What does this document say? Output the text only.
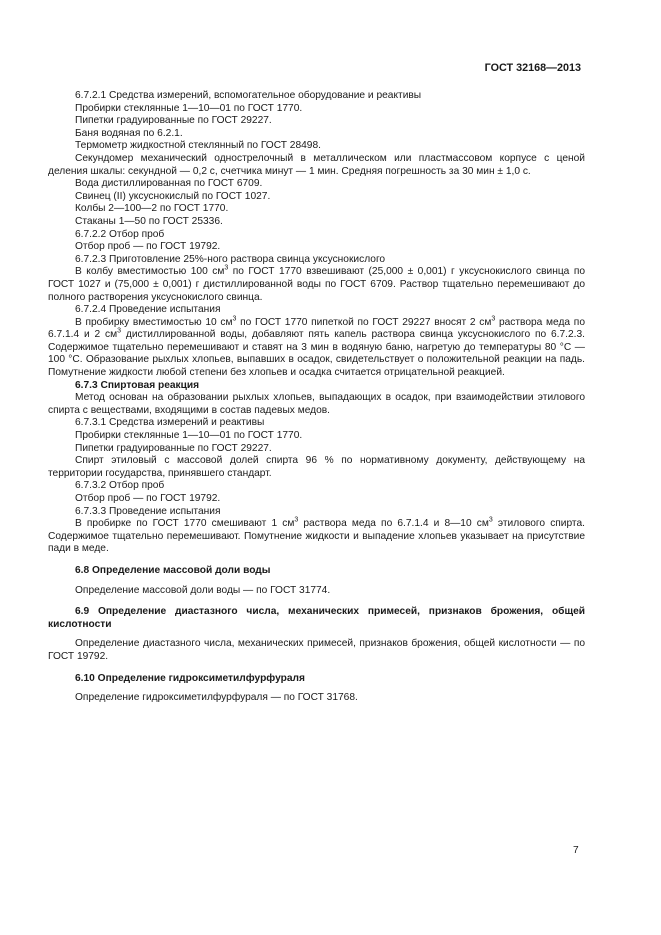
ГОСТ 32168—2013

6.7.2.1 Средства измерений, вспомогательное оборудование и реактивы

Пробирки стеклянные 1—10—01 по ГОСТ 1770.

Пипетки градуированные по ГОСТ 29227.

Баня водяная по 6.2.1.

Термометр жидкостной стеклянный по ГОСТ 28498.

Секундомер механический однострелочный в металлическом или пластмассовом корпусе с ценой деления шкалы: секундной — 0,2 с, счетчика минут — 1 мин. Средняя погрешность за 30 мин ± 1,0 с.

Вода дистиллированная по ГОСТ 6709.

Свинец (II) уксуснокислый по ГОСТ 1027.

Колбы 2—100—2 по ГОСТ 1770.

Стаканы 1—50 по ГОСТ 25336.

6.7.2.2 Отбор проб

Отбор проб — по ГОСТ 19792.

6.7.2.3 Приготовление 25%-ного раствора свинца уксуснокислого

В колбу вместимостью 100 $см^3$ по ГОСТ 1770 взвешивают (25,000 ± 0,001) г уксуснокислого свинца по ГОСТ 1027 и (75,000 ± 0,001) г дистиллированной воды по ГОСТ 6709. Раствор тщательно перемешивают до полного растворения уксуснокислого свинца.

6.7.2.4 Проведение испытания

В пробирку вместимостью 10 $см^3$ по ГОСТ 1770 пипеткой по ГОСТ 29227 вносят 2 $см^3$ раствора меда по 6.7.1.4 и 2 $см^3$ дистиллированной воды, добавляют пять капель раствора свинца уксуснокислого по 6.7.2.3. Содержимое тщательно перемешивают и ставят на 3 мин в водяную баню, нагретую до температуры 80 °C — 100 °C. Образование рыхлых хлопьев, выпавших в осадок, свидетельствует о положительной реакции на падь. Помутнение жидкости любой степени без хлопьев и осадка считается отрицательной реакцией.

6.7.3 Спиртовая реакция

Метод основан на образовании рыхлых хлопьев, выпадающих в осадок, при взаимодействии этилового спирта с веществами, входящими в состав падевых медов.

6.7.3.1 Средства измерений и реактивы

Пробирки стеклянные 1—10—01 по ГОСТ 1770.

Пипетки градуированные по ГОСТ 29227.

Спирт этиловый с массовой долей спирта 96 % по нормативному документу, действующему на территории государства, принявшего стандарт.

6.7.3.2 Отбор проб

Отбор проб — по ГОСТ 19792.

6.7.3.3 Проведение испытания

В пробирке по ГОСТ 1770 смешивают 1 $см^3$ раствора меда по 6.7.1.4 и 8—10 $см^3$ этилового спирта. Содержимое тщательно перемешивают. Помутнение жидкости и выпадение хлопьев указывает на присутствие пади в меде.

6.8 Определение массовой доли воды

Определение массовой доли воды — по ГОСТ 31774.

6.9 Определение диастазного числа, механических примесей, признаков брожения, общей кислотности

Определение диастазного числа, механических примесей, признаков брожения, общей кислотности — по ГОСТ 19792.

6.10 Определение гидроксиметилфурфураля

Определение гидроксиметилфурфураля — по ГОСТ 31768.

7
